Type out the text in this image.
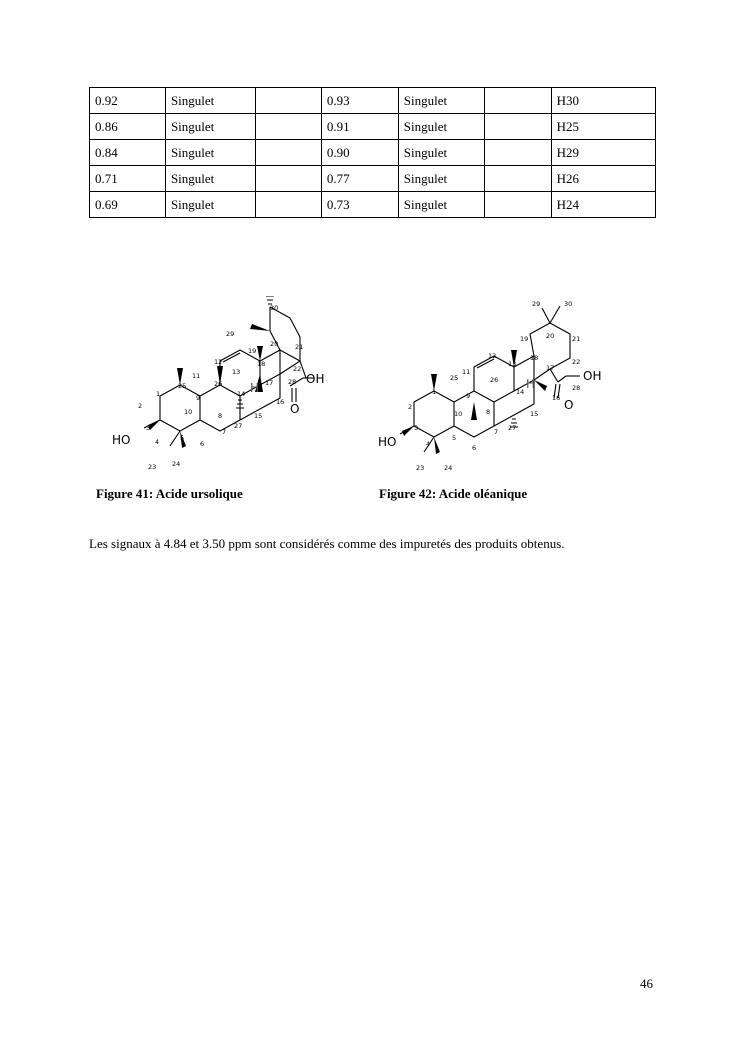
0.92	Singulet		0.93	Singulet		H30
0.86	Singulet		0.91	Singulet		H25
0.84	Singulet		0.90	Singulet		H29
0.71	Singulet		0.77	Singulet		H26
0.69	Singulet		0.73	Singulet		H24
1
2
3
4	5
6
7
8
9
10
11
12
13
14
15
16
17
18
19
20	21
22
23 24
25	26
27
28
29
30
OH
HO
O
H	1
2
3
4
5
6
7
8
9
10
11
12
13
14
15
16
17
18
19	20	21
22
23	24
25	26
27
28
29	30
OH
HO
O
H
Figure 41: Acide ursolique	Figure 42: Acide oléanique
Les signaux à 4.84 et 3.50 ppm sont considérés comme des impuretés des produits obtenus.
46
